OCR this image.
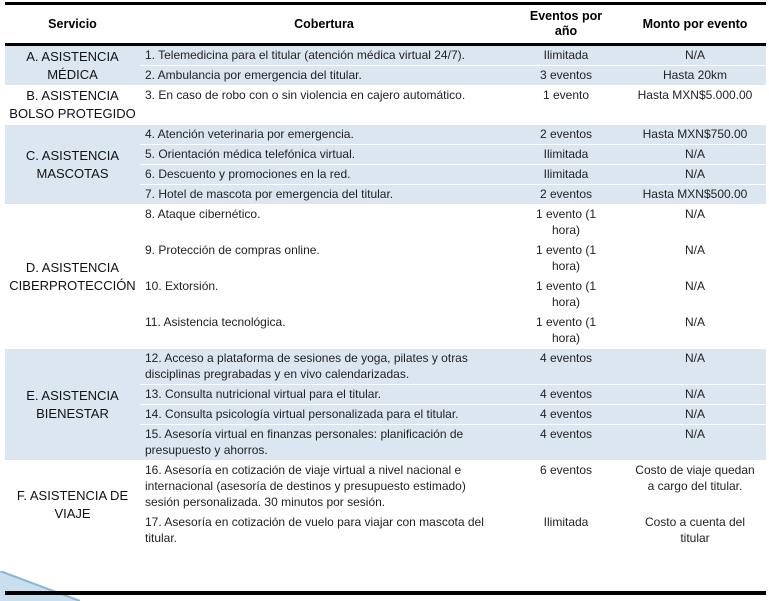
Servicio	Cobertura	Eventos por año	Monto por evento
A. ASISTENCIA MÉDICA	1. Telemedicina para el titular (atención médica virtual 24/7).	Ilimitada	N/A
	2. Ambulancia por emergencia del titular.	3 eventos	Hasta 20km
B. ASISTENCIA BOLSO PROTEGIDO	3. En caso de robo con o sin violencia en cajero automático.	1 evento	Hasta MXN$5.000.00
C. ASISTENCIA MASCOTAS	4. Atención veterinaria por emergencia.	2 eventos	Hasta MXN$750.00
	5. Orientación médica telefónica virtual.	Ilimitada	N/A
	6. Descuento y promociones en la red.	Ilimitada	N/A
	7. Hotel de mascota por emergencia del titular.	2 eventos	Hasta MXN$500.00
D. ASISTENCIA CIBERPROTECCIÓN	8. Ataque cibernético.	1 evento (1 hora)	N/A
	9. Protección de compras online.	1 evento (1 hora)	N/A
	10. Extorsión.	1 evento (1 hora)	N/A
	11. Asistencia tecnológica.	1 evento (1 hora)	N/A
E. ASISTENCIA BIENESTAR	12. Acceso a plataforma de sesiones de yoga, pilates y otras disciplinas pregrabadas y en vivo calendarizadas.	4 eventos	N/A
	13. Consulta nutricional virtual para el titular.	4 eventos	N/A
	14. Consulta psicología virtual personalizada para el titular.	4 eventos	N/A
	15. Asesoría virtual en finanzas personales: planificación de presupuesto y ahorros.	4 eventos	N/A
F. ASISTENCIA DE VIAJE	16. Asesoría en cotización de viaje virtual a nivel nacional e internacional (asesoría de destinos y presupuesto estimado) sesión personalizada. 30 minutos por sesión.	6 eventos	Costo de viaje quedan a cargo del titular.
	17. Asesoría en cotización de vuelo para viajar con mascota del titular.	Ilimitada	Costo a cuenta del titular
